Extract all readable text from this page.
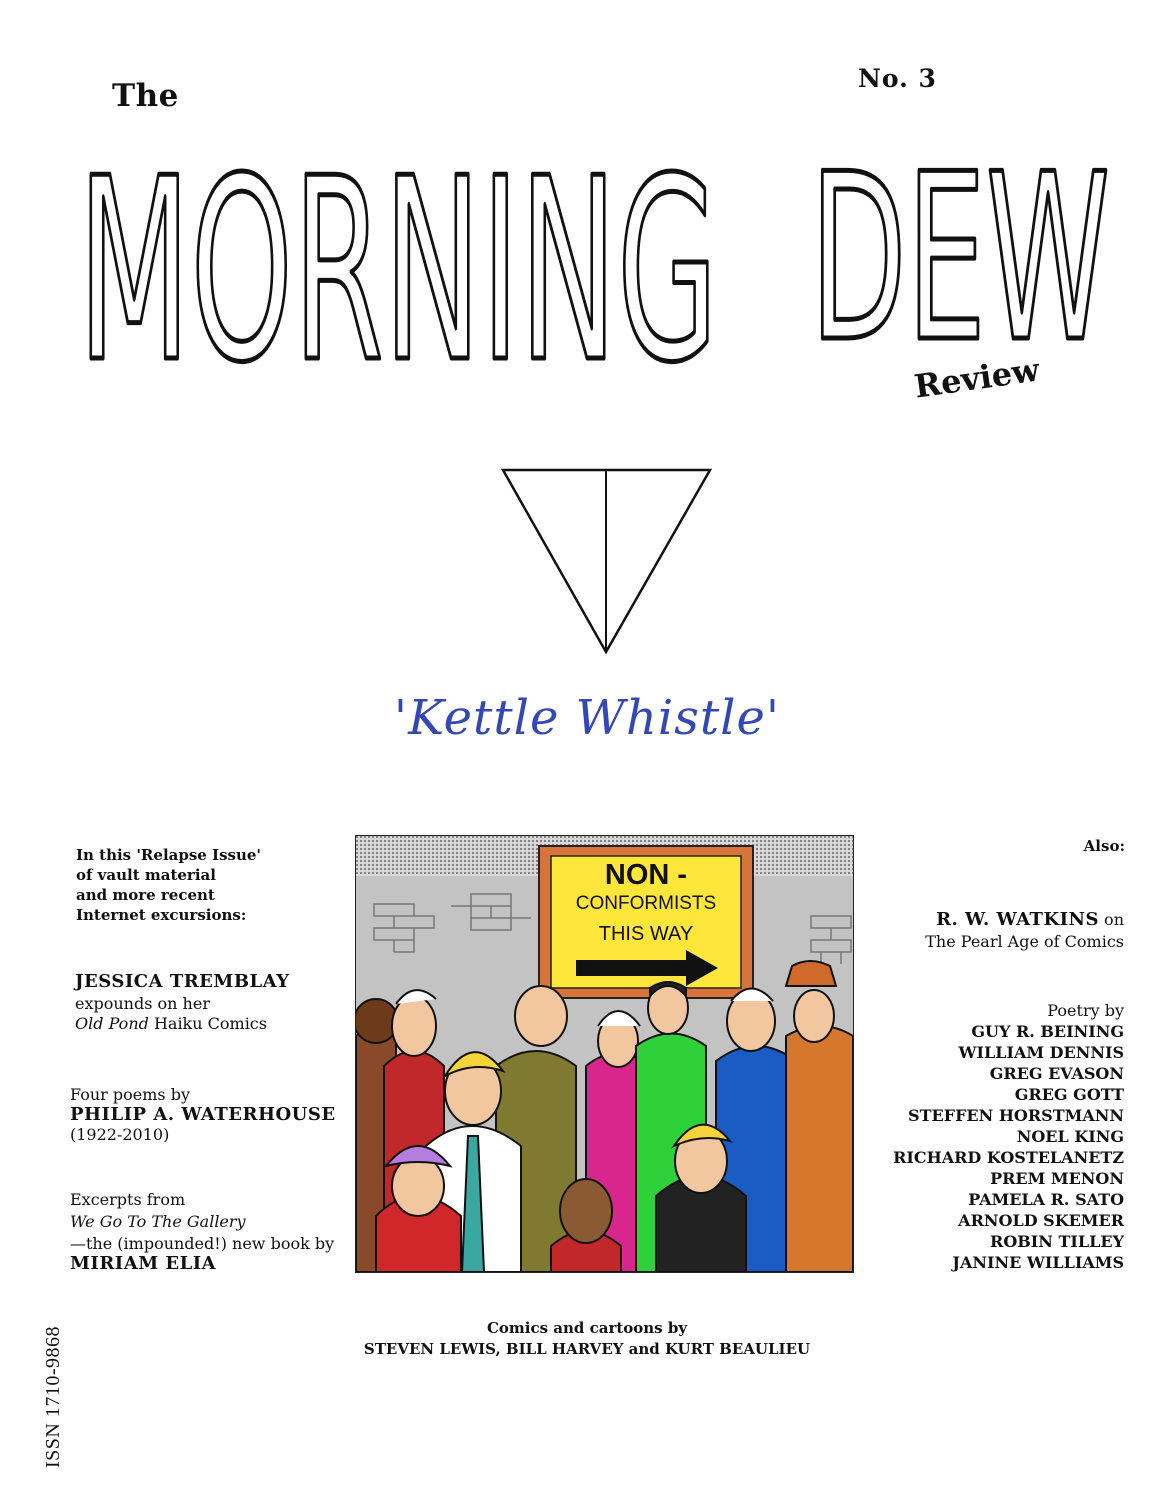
The	No. 3
MORNING DEW
Review
'Kettle Whistle'
In this 'Relapse Issue'
of vault material
and more recent
Internet excursions:
JESSICA TREMBLAY
expounds on her
Old Pond Haiku Comics
Four poems by
PHILIP A. WATERHOUSE
(1922-2010)
Excerpts from
We Go To The Gallery
—the (impounded!) new book by
MIRIAM ELIA
NON -
CONFORMISTS
THIS WAY
Also:
R. W. WATKINS on
The Pearl Age of Comics
Poetry by
GUY R. BEINING
WILLIAM DENNIS
GREG EVASON
GREG GOTT
STEFFEN HORSTMANN
NOEL KING
RICHARD KOSTELANETZ
PREM MENON
PAMELA R. SATO
ARNOLD SKEMER
ROBIN TILLEY
JANINE WILLIAMS
Comics and cartoons by
STEVEN LEWIS, BILL HARVEY and KURT BEAULIEU
ISSN 1710-9868
